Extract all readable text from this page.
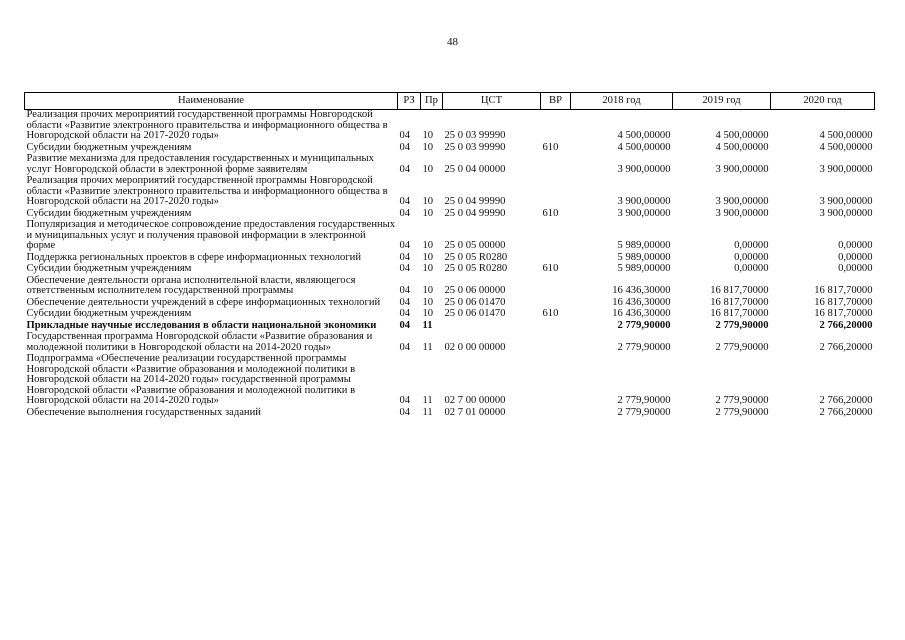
48
Наименование	РЗ	Пр	ЦСТ	ВР	2018 год	2019 год	2020 год
Реализация прочих мероприятий государственной программы Новгородской области «Развитие электронного правительства и информационного общества в Новгородской области на 2017-2020 годы»	04	10	25 0 03 99990		4 500,00000	4 500,00000	4 500,00000
Субсидии бюджетным учреждениям	04	10	25 0 03 99990	610	4 500,00000	4 500,00000	4 500,00000
Развитие механизма для предоставления государственных и муниципальных услуг Новгородской области в электронной форме заявителям	04	10	25 0 04 00000		3 900,00000	3 900,00000	3 900,00000
Реализация прочих мероприятий государственной программы Новгородской области «Развитие электронного правительства и информационного общества в Новгородской области на 2017-2020 годы»	04	10	25 0 04 99990		3 900,00000	3 900,00000	3 900,00000
Субсидии бюджетным учреждениям	04	10	25 0 04 99990	610	3 900,00000	3 900,00000	3 900,00000
Популяризация и методическое сопровождение предоставления государственных и муниципальных услуг и получения правовой информации в электронной форме	04	10	25 0 05 00000		5 989,00000	0,00000	0,00000
Поддержка региональных проектов в сфере информационных технологий	04	10	25 0 05 R0280		5 989,00000	0,00000	0,00000
Субсидии бюджетным учреждениям	04	10	25 0 05 R0280	610	5 989,00000	0,00000	0,00000
Обеспечение деятельности органа исполнительной власти, являющегося ответственным исполнителем государственной программы	04	10	25 0 06 00000		16 436,30000	16 817,70000	16 817,70000
Обеспечение деятельности учреждений в сфере информационных технологий	04	10	25 0 06 01470		16 436,30000	16 817,70000	16 817,70000
Субсидии бюджетным учреждениям	04	10	25 0 06 01470	610	16 436,30000	16 817,70000	16 817,70000
Прикладные научные исследования в области национальной экономики	04	11			2 779,90000	2 779,90000	2 766,20000
Государственная программа Новгородской области «Развитие образования и молодежной политики в Новгородской области на 2014-2020 годы»	04	11	02 0 00 00000		2 779,90000	2 779,90000	2 766,20000
Подпрограмма «Обеспечение реализации государственной программы Новгородской области «Развитие образования и молодежной политики в Новгородской области на 2014-2020 годы» государственной программы Новгородской области «Развитие образования и молодежной политики в Новгородской области на 2014-2020 годы»	04	11	02 7 00 00000		2 779,90000	2 779,90000	2 766,20000
Обеспечение выполнения государственных заданий	04	11	02 7 01 00000		2 779,90000	2 779,90000	2 766,20000
